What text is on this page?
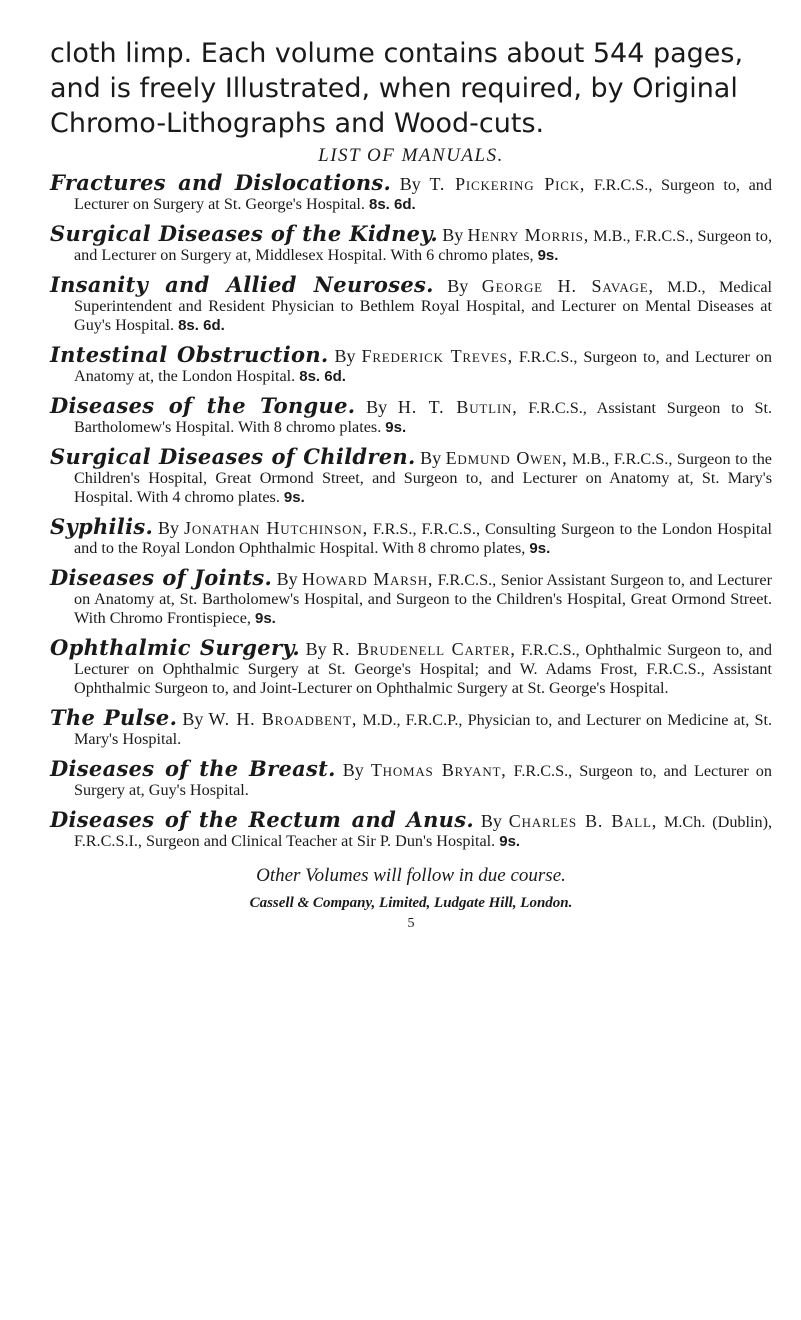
cloth limp. Each volume contains about 544 pages, and is freely Illustrated, when required, by Original Chromo-Lithographs and Wood-cuts.

LIST OF MANUALS.

Fractures and Dislocations. By T. Pickering Pick, F.R.C.S., Surgeon to, and Lecturer on Surgery at St. George's Hospital. 8s. 6d.

Surgical Diseases of the Kidney. By Henry Morris, M.B., F.R.C.S., Surgeon to, and Lecturer on Surgery at, Middlesex Hospital. With 6 chromo plates, 9s.

Insanity and Allied Neuroses. By George H. Savage, M.D., Medical Superintendent and Resident Physician to Bethlem Royal Hospital, and Lecturer on Mental Diseases at Guy's Hospital. 8s. 6d.

Intestinal Obstruction. By Frederick Treves, F.R.C.S., Surgeon to, and Lecturer on Anatomy at, the London Hospital. 8s. 6d.

Diseases of the Tongue. By H. T. Butlin, F.R.C.S., Assistant Surgeon to St. Bartholomew's Hospital. With 8 chromo plates. 9s.

Surgical Diseases of Children. By Edmund Owen, M.B., F.R.C.S., Surgeon to the Children's Hospital, Great Ormond Street, and Surgeon to, and Lecturer on Anatomy at, St. Mary's Hospital. With 4 chromo plates. 9s.

Syphilis. By Jonathan Hutchinson, F.R.S., F.R.C.S., Consulting Surgeon to the London Hospital and to the Royal London Ophthalmic Hospital. With 8 chromo plates, 9s.

Diseases of Joints. By Howard Marsh, F.R.C.S., Senior Assistant Surgeon to, and Lecturer on Anatomy at, St. Bartholomew's Hospital, and Surgeon to the Children's Hospital, Great Ormond Street. With Chromo Frontispiece, 9s.

Ophthalmic Surgery. By R. Brudenell Carter, F.R.C.S., Ophthalmic Surgeon to, and Lecturer on Ophthalmic Surgery at St. George's Hospital; and W. Adams Frost, F.R.C.S., Assistant Ophthalmic Surgeon to, and Joint-Lecturer on Ophthalmic Surgery at St. George's Hospital.

The Pulse. By W. H. Broadbent, M.D., F.R.C.P., Physician to, and Lecturer on Medicine at, St. Mary's Hospital.

Diseases of the Breast. By Thomas Bryant, F.R.C.S., Surgeon to, and Lecturer on Surgery at, Guy's Hospital.

Diseases of the Rectum and Anus. By Charles B. Ball, M.Ch. (Dublin), F.R.C.S.I., Surgeon and Clinical Teacher at Sir P. Dun's Hospital. 9s.

Other Volumes will follow in due course.
Cassell & Company, Limited, Ludgate Hill, London.
5
